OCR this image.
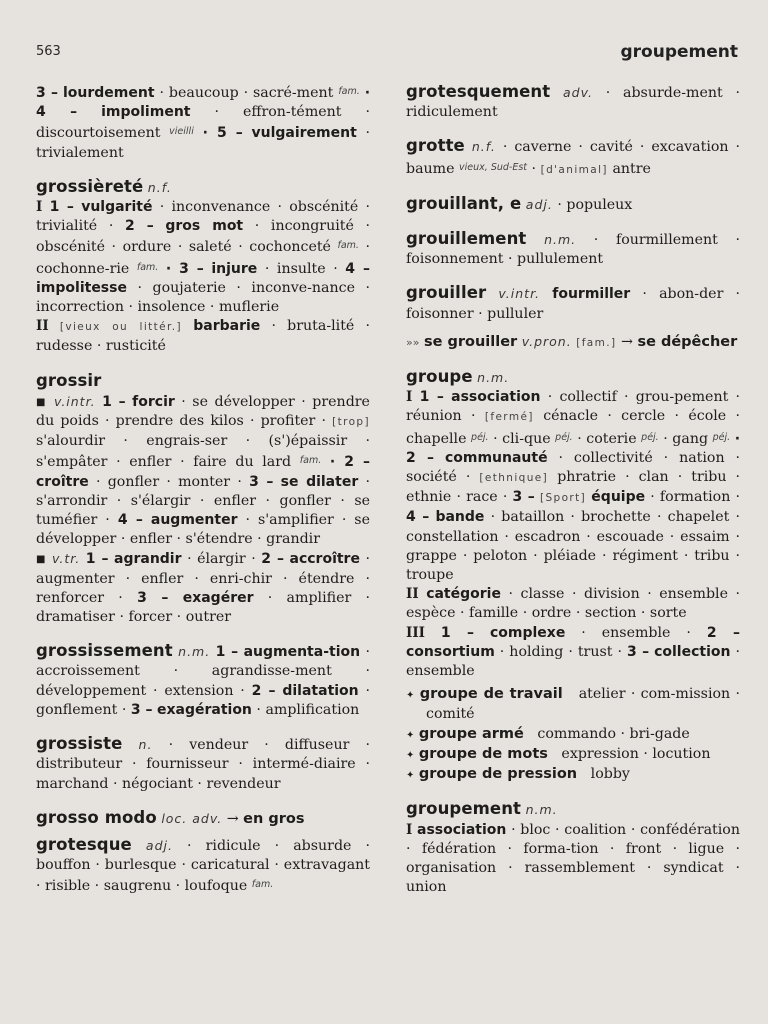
563	groupement

3 – lourdement · beaucoup · sacré-ment $^{fam.}$ · 4 – impoliment · effron-tément · discourtoisement $^{vieilli}$ · 5 – vulgairement · trivialement

grossièreté n.f.
I 1 – vulgarité · inconvenance · obscénité · trivialité · 2 – gros mot · incongruité · obscénité · ordure · saleté · cochonceté $^{fam.}$ · cochonne-rie $^{fam.}$ · 3 – injure · insulte · 4 – impolitesse · goujaterie · inconve-nance · incorrection · insolence · muflerie
II [vieux ou littér.] barbarie · bruta-lité · rudesse · rusticité

grossir
■ v.intr. 1 – forcir · se développer · prendre du poids · prendre des kilos · profiter · [trop] s'alourdir · engrais-ser · (s')épaissir · s'empâter · enfler · faire du lard $^{fam.}$ · 2 – croître · gonfler · monter · 3 – se dilater · s'arrondir · s'élargir · enfler · gonfler · se tuméfier · 4 – augmenter · s'amplifier · se développer · enfler · s'étendre · grandir
■ v.tr. 1 – agrandir · élargir · 2 – accroître · augmenter · enfler · enri-chir · étendre · renforcer · 3 – exagérer · amplifier · dramatiser · forcer · outrer

grossissement n.m. 1 – augmenta-tion · accroissement · agrandisse-ment · développement · extension · 2 – dilatation · gonflement · 3 – exagération · amplification

grossiste n. · vendeur · diffuseur · distributeur · fournisseur · intermé-diaire · marchand · négociant · revendeur

grosso modo loc. adv. → en gros

grotesque adj. · ridicule · absurde · bouffon · burlesque · caricatural · extravagant · risible · saugrenu · loufoque $^{fam.}$

grotesquement adv. · absurde-ment · ridiculement

grotte n.f. · caverne · cavité · excavation · baume $^{vieux, Sud-Est}$ · [d'animal] antre

grouillant, e adj. · populeux

grouillement n.m. · fourmillement · foisonnement · pullulement

grouiller v.intr. fourmiller · abon-der · foisonner · pulluler

»» se grouiller v.pron. [fam.] → se dépêcher

groupe n.m.
I 1 – association · collectif · grou-pement · réunion · [fermé] cénacle · cercle · école · chapelle $^{péj.}$ · cli-que $^{péj.}$ · coterie $^{péj.}$ · gang $^{péj.}$ · 2 – communauté · collectivité · nation · société · [ethnique] phratrie · clan · tribu · ethnie · race · 3 – [Sport] équipe · formation · 4 – bande · bataillon · brochette · chapelet · constellation · escadron · escouade · essaim · grappe · peloton · pléiade · régiment · tribu · troupe
II catégorie · classe · division · ensemble · espèce · famille · ordre · section · sorte
III 1 – complexe · ensemble · 2 – consortium · holding · trust · 3 – collection · ensemble

✦ groupe de travail atelier · com-mission · comité

✦ groupe armé commando · bri-gade

✦ groupe de mots expression · locution

✦ groupe de pression lobby

groupement n.m.
I association · bloc · coalition · confédération · fédération · forma-tion · front · ligue · organisation · rassemblement · syndicat · union
